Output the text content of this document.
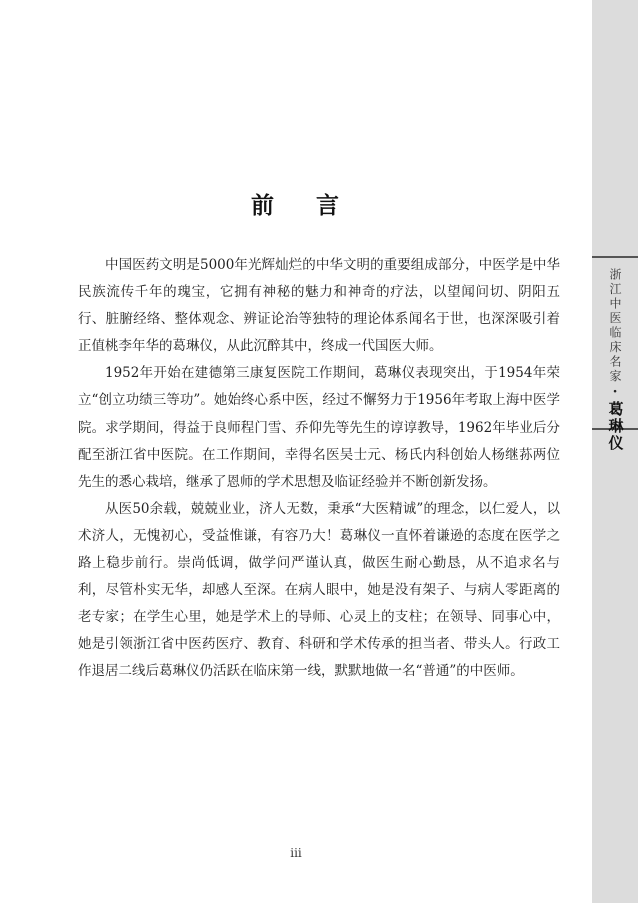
前 言

中国医药文明是5000年光辉灿烂的中华文明的重要组成部分，中医学是中华民族流传千年的瑰宝，它拥有神秘的魅力和神奇的疗法，以望闻问切、阴阳五行、脏腑经络、整体观念、辨证论治等独特的理论体系闻名于世，也深深吸引着正值桃李年华的葛琳仪，从此沉醉其中，终成一代国医大师。

1952年开始在建德第三康复医院工作期间，葛琳仪表现突出，于1954年荣立“创立功绩三等功”。她始终心系中医，经过不懈努力于1956年考取上海中医学院。求学期间，得益于良师程门雪、乔仰先等先生的谆谆教导，1962年毕业后分配至浙江省中医院。在工作期间，幸得名医吴士元、杨氏内科创始人杨继荪两位先生的悉心栽培，继承了恩师的学术思想及临证经验并不断创新发扬。

从医50余载，兢兢业业，济人无数，秉承“大医精诚”的理念，以仁爱人，以术济人，无愧初心，受益惟谦，有容乃大！葛琳仪一直怀着谦逊的态度在医学之路上稳步前行。崇尚低调，做学问严谨认真，做医生耐心勤恳，从不追求名与利，尽管朴实无华，却感人至深。在病人眼中，她是没有架子、与病人零距离的老专家；在学生心里，她是学术上的导师、心灵上的支柱；在领导、同事心中，她是引领浙江省中医药医疗、教育、科研和学术传承的担当者、带头人。行政工作退居二线后葛琳仪仍活跃在临床第一线，默默地做一名“普通”的中医师。

iii
浙江中医临床名家
·
葛琳仪
